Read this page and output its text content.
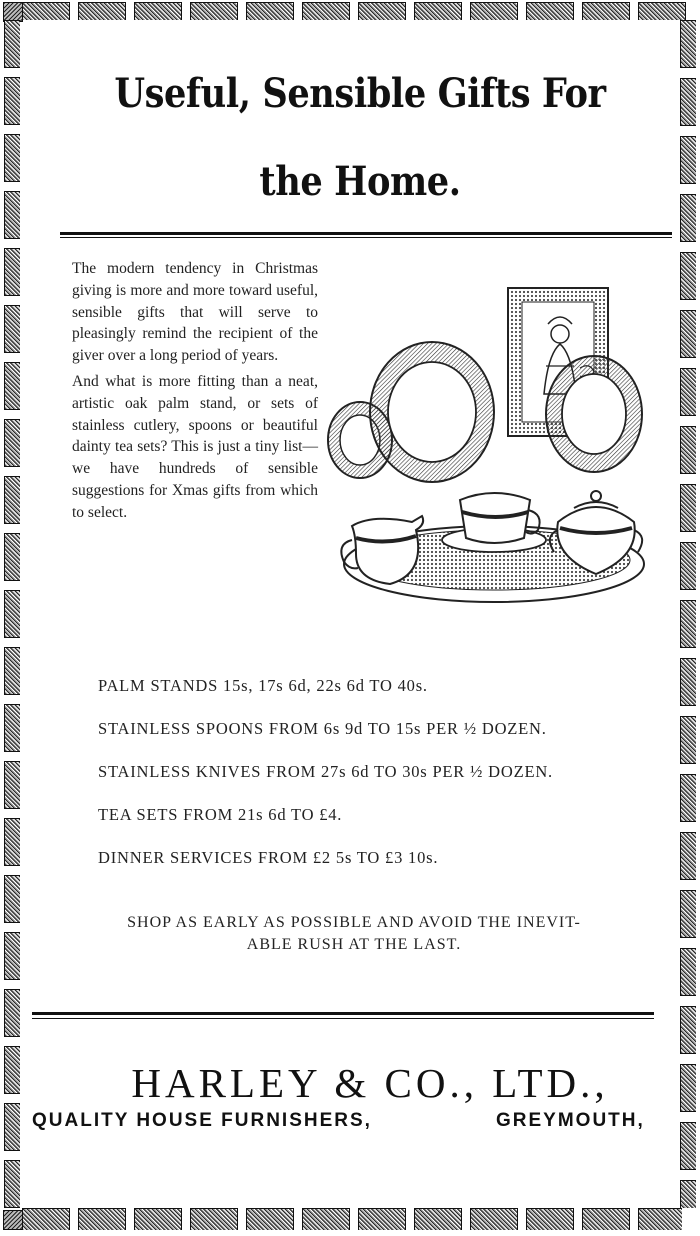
Useful, Sensible Gifts For
the Home.

The modern tendency in Christmas giving is more and more toward useful, sensible gifts that will serve to pleasingly remind the recipient of the giver over a long period of years.

And what is more fitting than a neat, artistic oak palm stand, or sets of stainless cutlery, spoons or beautiful dainty tea sets? This is just a tiny list—we have hundreds of sensible suggestions for Xmas gifts from which to select.

PALM STANDS 15s, 17s 6d, 22s 6d TO 40s.
STAINLESS SPOONS FROM 6s 9d TO 15s PER ½ DOZEN.
STAINLESS KNIVES FROM 27s 6d TO 30s PER ½ DOZEN.
TEA SETS FROM 21s 6d TO £4.
DINNER SERVICES FROM £2 5s TO £3 10s.
SHOP AS EARLY AS POSSIBLE AND AVOID THE INEVIT-
ABLE RUSH AT THE LAST.
HARLEY & CO., LTD.,
QUALITY HOUSE FURNISHERS,	GREYMOUTH,
